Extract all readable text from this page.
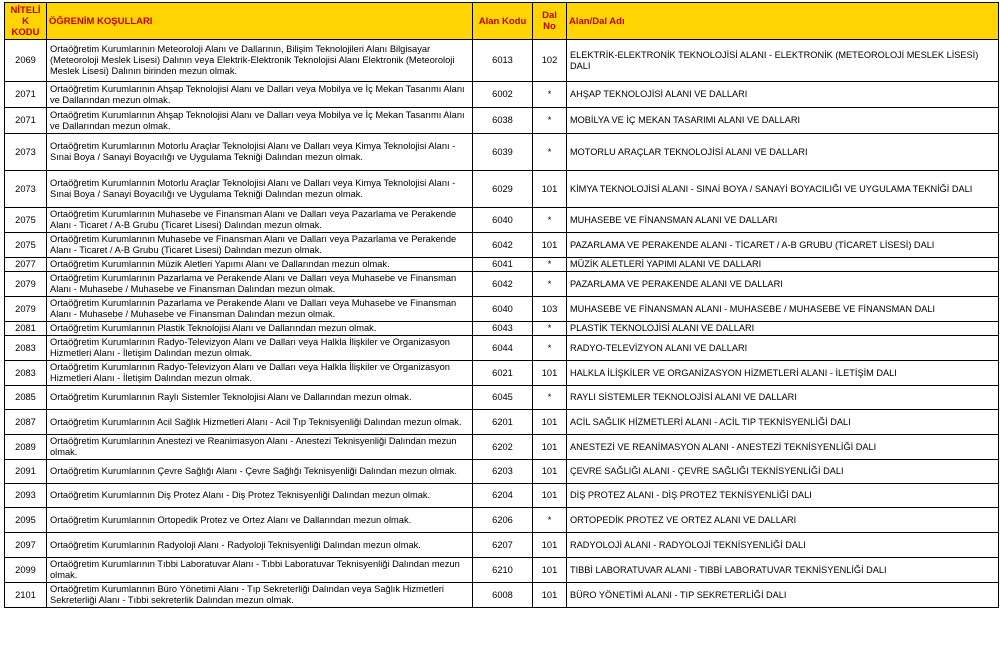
NİTELİ K KODU	ÖĞRENİM KOŞULLARI	Alan Kodu	Dal No	Alan/Dal Adı
2069	Ortaöğretim Kurumlarının Meteoroloji Alanı ve Dallarının, Bilişim Teknolojileri Alanı Bilgisayar (Meteoroloji Meslek Lisesi) Dalının veya Elektrik-Elektronik Teknolojisi Alanı Elektronik (Meteoroloji Meslek Lisesi) Dalının birinden mezun olmak.	6013	102	ELEKTRİK-ELEKTRONİK TEKNOLOJİSİ ALANI - ELEKTRONİK (METEOROLOJİ MESLEK LİSESİ) DALI
2071	Ortaöğretim Kurumlarının Ahşap Teknolojisi Alanı ve Dalları veya Mobilya ve İç Mekan Tasarımı Alanı ve Dallarından mezun olmak.	6002	*	AHŞAP TEKNOLOJİSİ ALANI VE DALLARI
2071	Ortaöğretim Kurumlarının Ahşap Teknolojisi Alanı ve Dalları veya Mobilya ve İç Mekan Tasarımı Alanı ve Dallarından mezun olmak.	6038	*	MOBİLYA VE İÇ MEKAN TASARIMI ALANI VE DALLARI
2073	Ortaöğretim Kurumlarının Motorlu Araçlar Teknolojisi Alanı ve Dalları veya Kimya Teknolojisi Alanı - Sınai Boya / Sanayi Boyacılığı ve Uygulama Tekniği Dalından mezun olmak.	6039	*	MOTORLU ARAÇLAR TEKNOLOJİSİ ALANI VE DALLARI
2073	Ortaöğretim Kurumlarının Motorlu Araçlar Teknolojisi Alanı ve Dalları veya Kimya Teknolojisi Alanı - Sınai Boya / Sanayi Boyacılığı ve Uygulama Tekniği Dalından mezun olmak.	6029	101	KİMYA TEKNOLOJİSİ ALANI - SINAİ BOYA / SANAYİ BOYACILIĞI VE UYGULAMA TEKNİĞİ DALI
2075	Ortaöğretim Kurumlarının Muhasebe ve Finansman Alanı ve Dalları veya Pazarlama ve Perakende Alanı - Ticaret / A-B Grubu (Ticaret Lisesi) Dalından mezun olmak.	6040	*	MUHASEBE VE FİNANSMAN ALANI VE DALLARI
2075	Ortaöğretim Kurumlarının Muhasebe ve Finansman Alanı ve Dalları veya Pazarlama ve Perakende Alanı - Ticaret / A-B Grubu (Ticaret Lisesi) Dalından mezun olmak.	6042	101	PAZARLAMA VE PERAKENDE ALANI - TİCARET / A-B GRUBU (TİCARET LİSESİ) DALI
2077	Ortaöğretim Kurumlarının Müzik Aletleri Yapımı Alanı ve Dallarından mezun olmak.	6041	*	MÜZİK ALETLERİ YAPIMI ALANI VE DALLARI
2079	Ortaöğretim Kurumlarının Pazarlama ve Perakende Alanı ve Dalları veya Muhasebe ve Finansman Alanı - Muhasebe / Muhasebe ve Finansman Dalından mezun olmak.	6042	*	PAZARLAMA VE PERAKENDE ALANI VE DALLARI
2079	Ortaöğretim Kurumlarının Pazarlama ve Perakende Alanı ve Dalları veya Muhasebe ve Finansman Alanı - Muhasebe / Muhasebe ve Finansman Dalından mezun olmak.	6040	103	MUHASEBE VE FİNANSMAN ALANI - MUHASEBE / MUHASEBE VE FİNANSMAN DALI
2081	Ortaöğretim Kurumlarının Plastik Teknolojisi Alanı ve Dallarından mezun olmak.	6043	*	PLASTİK TEKNOLOJİSİ ALANI VE DALLARI
2083	Ortaöğretim Kurumlarının Radyo-Televizyon Alanı ve Dalları veya Halkla İlişkiler ve Organizasyon Hizmetleri Alanı - İletişim Dalından mezun olmak.	6044	*	RADYO-TELEVİZYON ALANI VE DALLARI
2083	Ortaöğretim Kurumlarının Radyo-Televizyon Alanı ve Dalları veya Halkla İlişkiler ve Organizasyon Hizmetleri Alanı - İletişim Dalından mezun olmak.	6021	101	HALKLA İLİŞKİLER VE ORGANİZASYON HİZMETLERİ ALANI - İLETİŞİM DALI
2085	Ortaöğretim Kurumlarının Raylı Sistemler Teknolojisi Alanı ve Dallarından mezun olmak.	6045	*	RAYLI SİSTEMLER TEKNOLOJİSİ ALANI VE DALLARI
2087	Ortaöğretim Kurumlarının Acil Sağlık Hizmetleri Alanı - Acil Tıp Teknisyenliği Dalından mezun olmak.	6201	101	ACİL SAĞLIK HİZMETLERİ ALANI - ACİL TIP TEKNİSYENLİĞİ DALI
2089	Ortaöğretim Kurumlarının Anestezi ve Reanimasyon Alanı - Anestezi Teknisyenliği Dalından mezun olmak.	6202	101	ANESTEZİ VE REANİMASYON ALANI - ANESTEZİ TEKNİSYENLİĞİ DALI
2091	Ortaöğretim Kurumlarının Çevre Sağlığı Alanı - Çevre Sağlığı Teknisyenliği Dalından mezun olmak.	6203	101	ÇEVRE SAĞLIĞI ALANI - ÇEVRE SAĞLIĞI TEKNİSYENLİĞİ DALI
2093	Ortaöğretim Kurumlarının Diş Protez Alanı - Diş Protez Teknisyenliği Dalından mezun olmak.	6204	101	DİŞ PROTEZ ALANI - DİŞ PROTEZ TEKNİSYENLİĞİ DALI
2095	Ortaöğretim Kurumlarının Ortopedik Protez ve Ortez Alanı ve Dallarından mezun olmak.	6206	*	ORTOPEDİK PROTEZ VE ORTEZ ALANI VE DALLARI
2097	Ortaöğretim Kurumlarının Radyoloji Alanı - Radyoloji Teknisyenliği Dalından mezun olmak.	6207	101	RADYOLOJİ ALANI - RADYOLOJİ TEKNİSYENLİĞİ DALI
2099	Ortaöğretim Kurumlarının Tıbbi Laboratuvar Alanı - Tıbbi Laboratuvar Teknisyenliği Dalından mezun olmak.	6210	101	TIBBİ LABORATUVAR ALANI - TIBBİ LABORATUVAR TEKNİSYENLİĞİ DALI
2101	Ortaöğretim Kurumlarının Büro Yönetimi Alanı - Tıp Sekreterliği Dalından veya Sağlık Hizmetleri Sekreterliği Alanı - Tıbbi sekreterlik Dalından mezun olmak.	6008	101	BÜRO YÖNETİMİ ALANI - TIP SEKRETERLİĞİ DALI
